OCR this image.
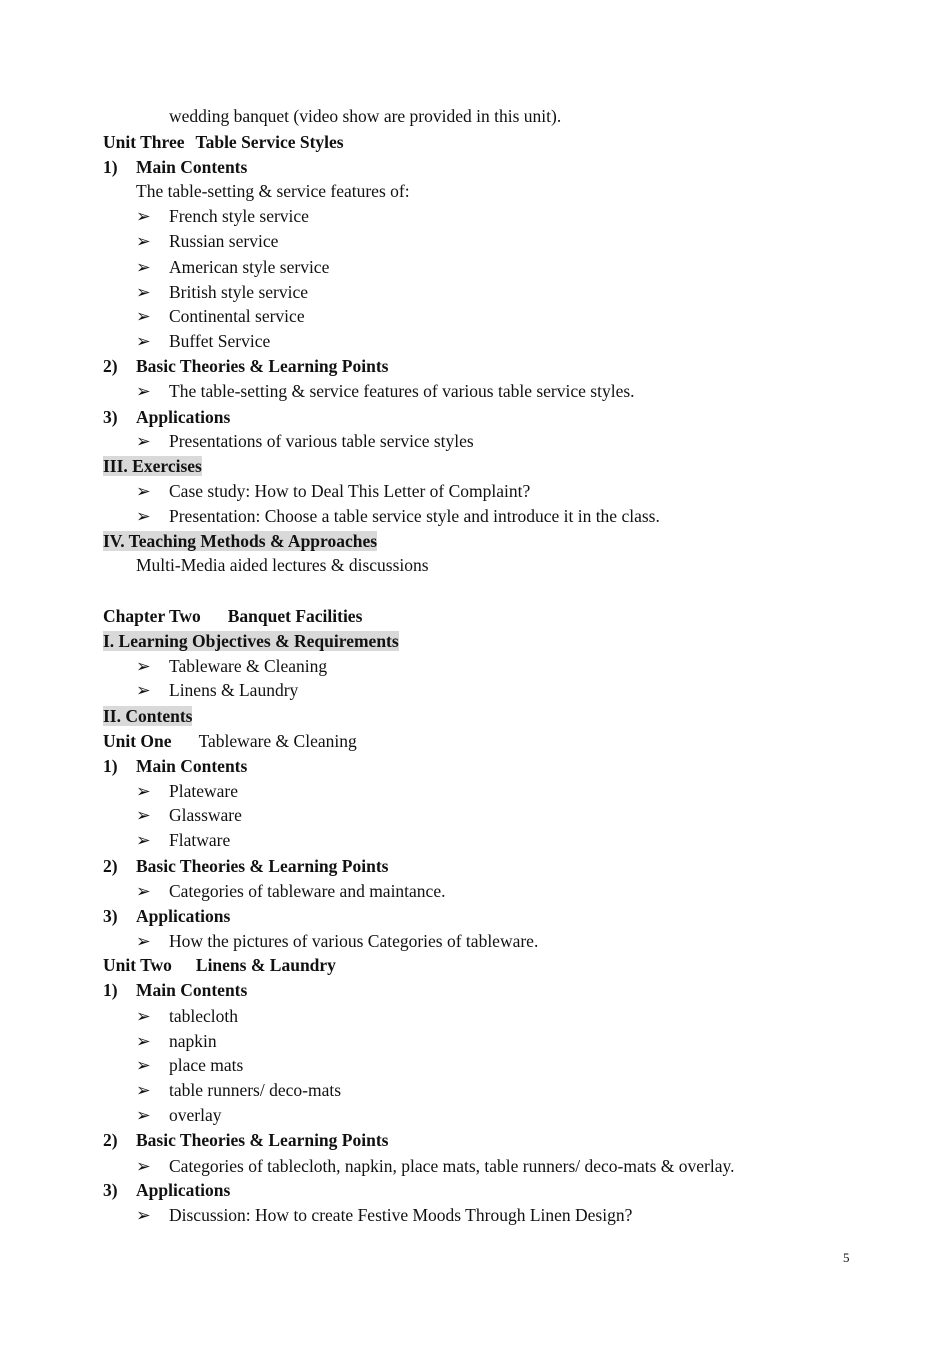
wedding banquet (video show are provided in this unit).
Unit Three Table Service Styles
1) Main Contents
The table-setting & service features of:
➢ French style service
➢ Russian service
➢ American style service
➢ British style service
➢ Continental service
➢ Buffet Service
2) Basic Theories & Learning Points
➢ The table-setting & service features of various table service styles.
3) Applications
➢ Presentations of various table service styles
III. Exercises
➢ Case study: How to Deal This Letter of Complaint?
➢ Presentation: Choose a table service style and introduce it in the class.
IV. Teaching Methods & Approaches
Multi-Media aided lectures & discussions
Chapter Two Banquet Facilities
I. Learning Objectives & Requirements
➢ Tableware & Cleaning
➢ Linens & Laundry
II. Contents
Unit One Tableware & Cleaning
1) Main Contents
➢ Plateware
➢ Glassware
➢ Flatware
2) Basic Theories & Learning Points
➢ Categories of tableware and maintance.
3) Applications
➢ How the pictures of various Categories of tableware.
Unit Two Linens & Laundry
1) Main Contents
➢ tablecloth
➢ napkin
➢ place mats
➢ table runners/ deco-mats
➢ overlay
2) Basic Theories & Learning Points
➢ Categories of tablecloth, napkin, place mats, table runners/ deco-mats & overlay.
3) Applications
➢ Discussion: How to create Festive Moods Through Linen Design?
5
